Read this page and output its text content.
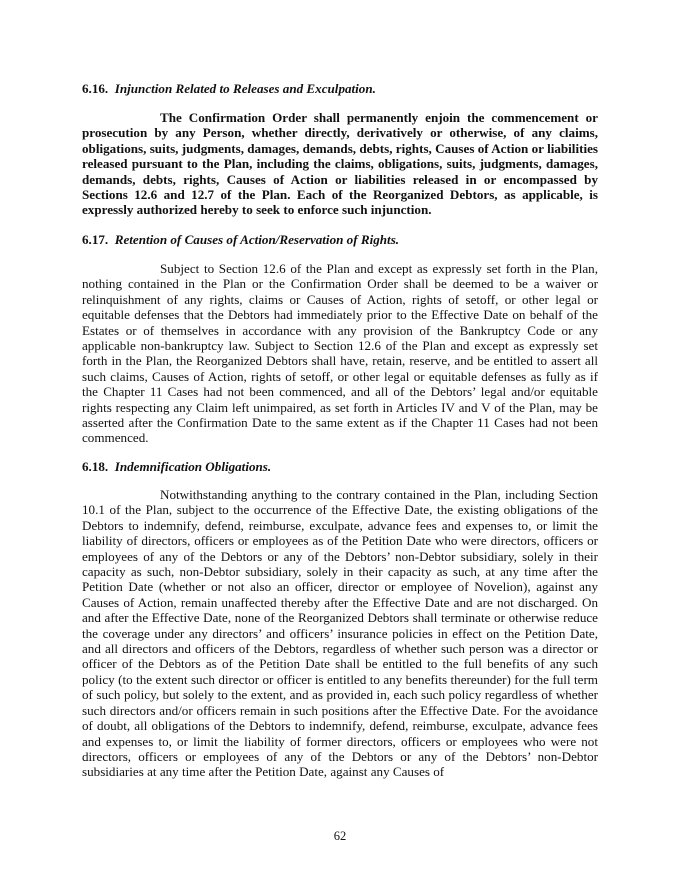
6.16. Injunction Related to Releases and Exculpation.

The Confirmation Order shall permanently enjoin the commencement or prosecution by any Person, whether directly, derivatively or otherwise, of any claims, obligations, suits, judgments, damages, demands, debts, rights, Causes of Action or liabilities released pursuant to the Plan, including the claims, obligations, suits, judgments, damages, demands, debts, rights, Causes of Action or liabilities released in or encompassed by Sections 12.6 and 12.7 of the Plan. Each of the Reorganized Debtors, as applicable, is expressly authorized hereby to seek to enforce such injunction.

6.17. Retention of Causes of Action/Reservation of Rights.

Subject to Section 12.6 of the Plan and except as expressly set forth in the Plan, nothing contained in the Plan or the Confirmation Order shall be deemed to be a waiver or relinquishment of any rights, claims or Causes of Action, rights of setoff, or other legal or equitable defenses that the Debtors had immediately prior to the Effective Date on behalf of the Estates or of themselves in accordance with any provision of the Bankruptcy Code or any applicable non-bankruptcy law. Subject to Section 12.6 of the Plan and except as expressly set forth in the Plan, the Reorganized Debtors shall have, retain, reserve, and be entitled to assert all such claims, Causes of Action, rights of setoff, or other legal or equitable defenses as fully as if the Chapter 11 Cases had not been commenced, and all of the Debtors’ legal and/or equitable rights respecting any Claim left unimpaired, as set forth in Articles IV and V of the Plan, may be asserted after the Confirmation Date to the same extent as if the Chapter 11 Cases had not been commenced.

6.18. Indemnification Obligations.

Notwithstanding anything to the contrary contained in the Plan, including Section 10.1 of the Plan, subject to the occurrence of the Effective Date, the existing obligations of the Debtors to indemnify, defend, reimburse, exculpate, advance fees and expenses to, or limit the liability of directors, officers or employees as of the Petition Date who were directors, officers or employees of any of the Debtors or any of the Debtors’ non-Debtor subsidiary, solely in their capacity as such, non-Debtor subsidiary, solely in their capacity as such, at any time after the Petition Date (whether or not also an officer, director or employee of Novelion), against any Causes of Action, remain unaffected thereby after the Effective Date and are not discharged. On and after the Effective Date, none of the Reorganized Debtors shall terminate or otherwise reduce the coverage under any directors’ and officers’ insurance policies in effect on the Petition Date, and all directors and officers of the Debtors, regardless of whether such person was a director or officer of the Debtors as of the Petition Date shall be entitled to the full benefits of any such policy (to the extent such director or officer is entitled to any benefits thereunder) for the full term of such policy, but solely to the extent, and as provided in, each such policy regardless of whether such directors and/or officers remain in such positions after the Effective Date. For the avoidance of doubt, all obligations of the Debtors to indemnify, defend, reimburse, exculpate, advance fees and expenses to, or limit the liability of former directors, officers or employees who were not directors, officers or employees of any of the Debtors or any of the Debtors’ non-Debtor subsidiaries at any time after the Petition Date, against any Causes of

62
